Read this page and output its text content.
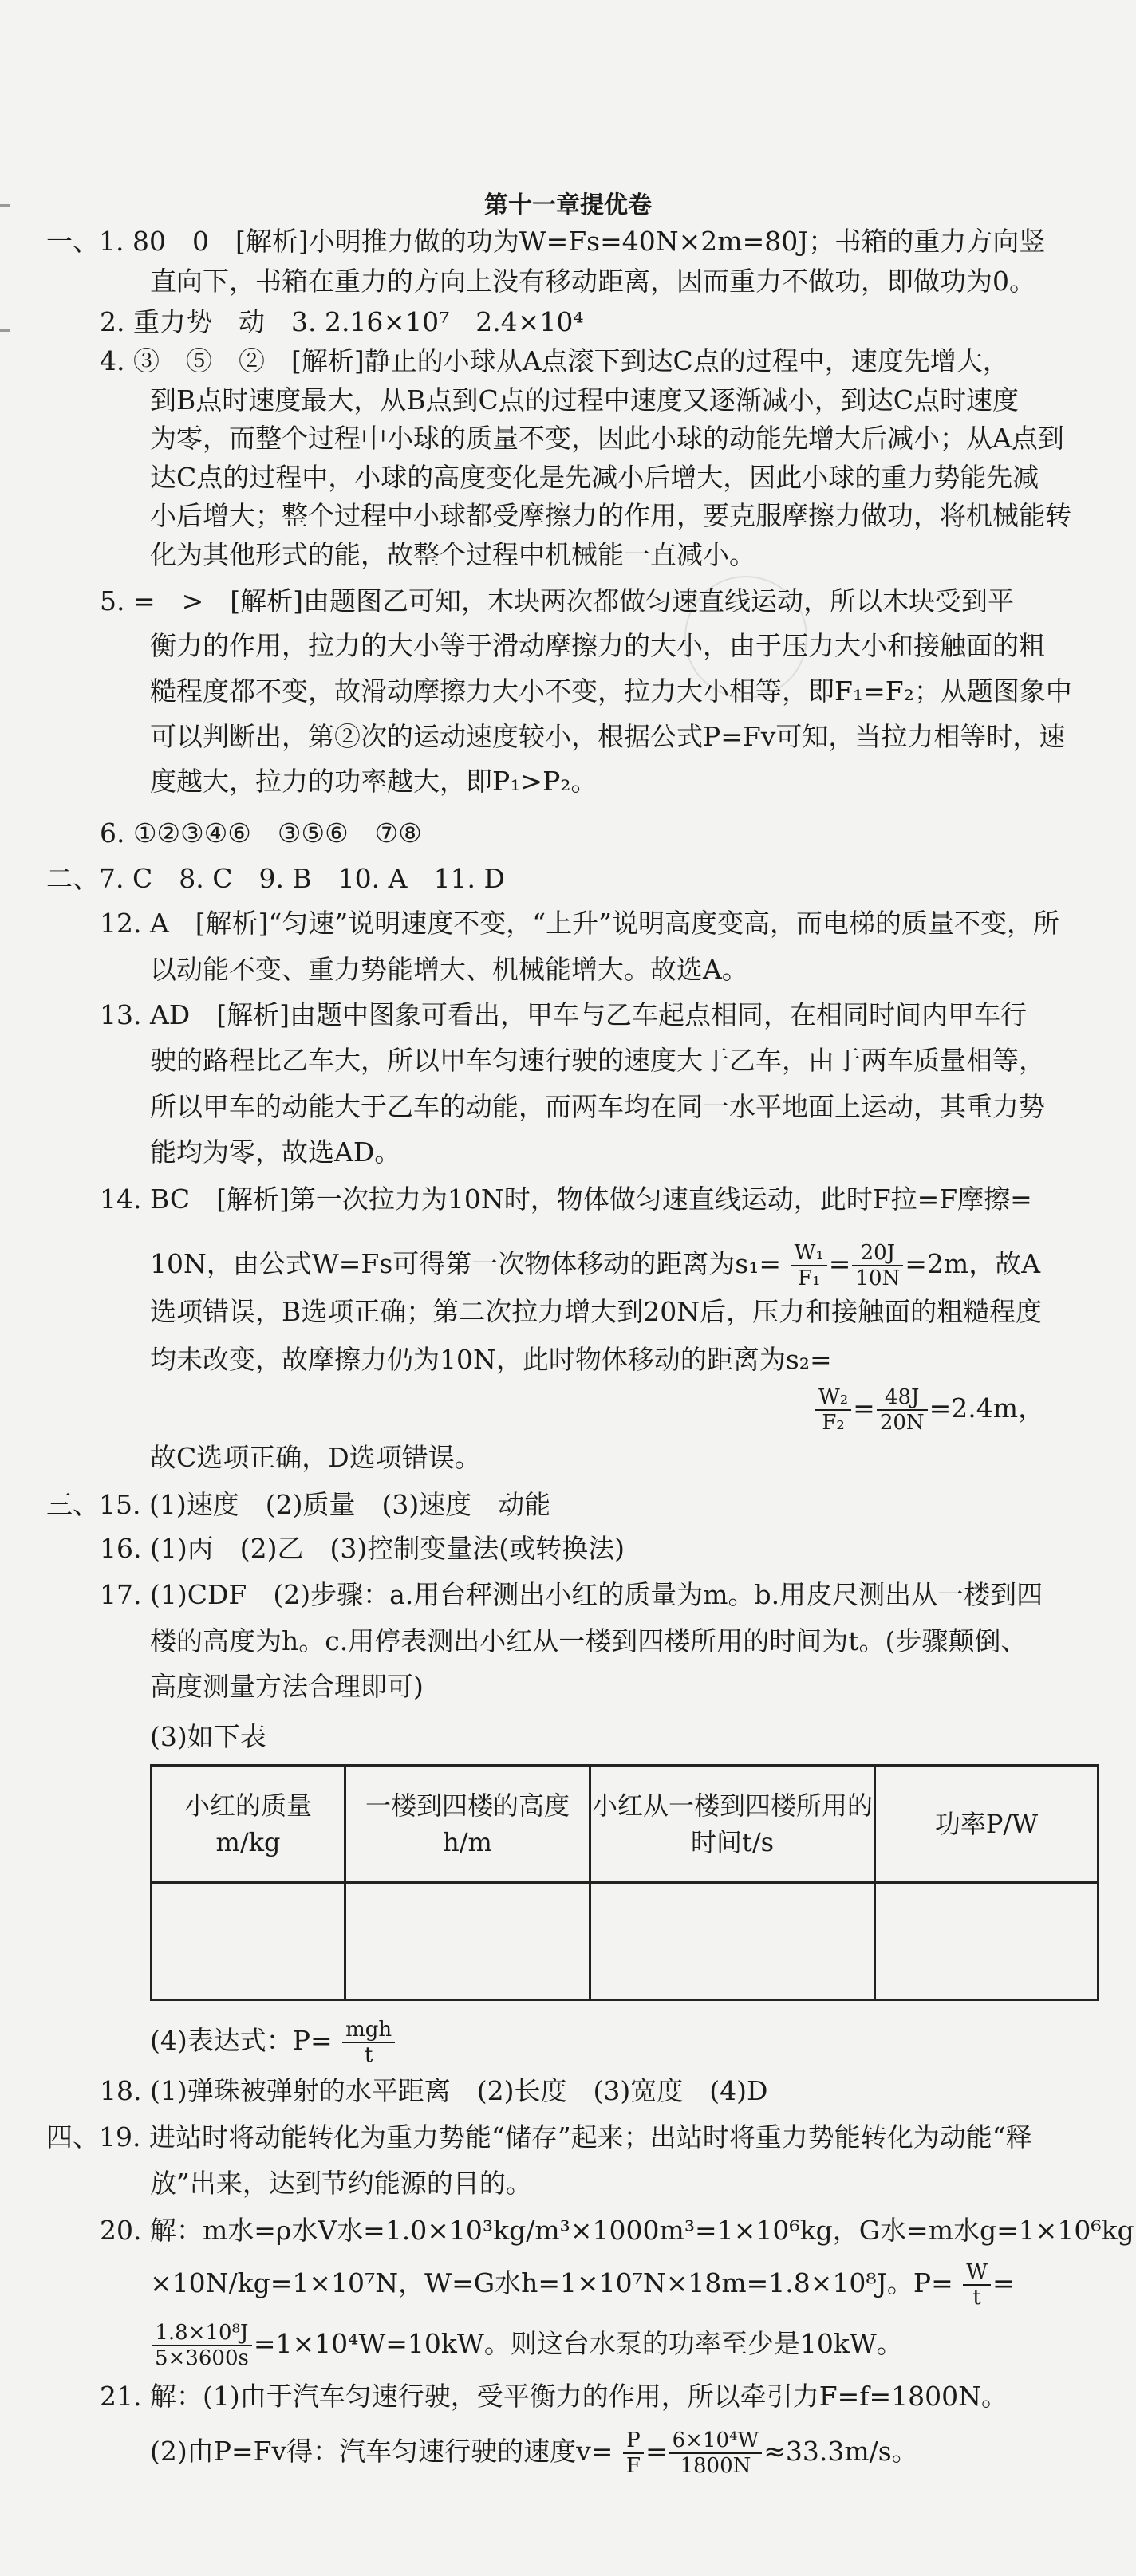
第十一章提优卷
一、1. 80　0　[解析]小明推力做的功为W=Fs=40N×2m=80J；书箱的重力方向竖
直向下，书箱在重力的方向上没有移动距离，因而重力不做功，即做功为0。
2. 重力势　动　3. 2.16×10⁷　2.4×10⁴
4. ③　⑤　②　[解析]静止的小球从A点滚下到达C点的过程中，速度先增大，
到B点时速度最大，从B点到C点的过程中速度又逐渐减小，到达C点时速度
为零，而整个过程中小球的质量不变，因此小球的动能先增大后减小；从A点到
达C点的过程中，小球的高度变化是先减小后增大，因此小球的重力势能先减
小后增大；整个过程中小球都受摩擦力的作用，要克服摩擦力做功，将机械能转
化为其他形式的能，故整个过程中机械能一直减小。
5. =　>　[解析]由题图乙可知，木块两次都做匀速直线运动，所以木块受到平
衡力的作用，拉力的大小等于滑动摩擦力的大小，由于压力大小和接触面的粗
糙程度都不变，故滑动摩擦力大小不变，拉力大小相等，即F₁=F₂；从题图象中
可以判断出，第②次的运动速度较小，根据公式P=Fv可知，当拉力相等时，速
度越大，拉力的功率越大，即P₁>P₂。
6. ①②③④⑥　③⑤⑥　⑦⑧
二、7. C　8. C　9. B　10. A　11. D
12. A　[解析]“匀速”说明速度不变，“上升”说明高度变高，而电梯的质量不变，所
以动能不变、重力势能增大、机械能增大。故选A。
13. AD　[解析]由题中图象可看出，甲车与乙车起点相同，在相同时间内甲车行
驶的路程比乙车大，所以甲车匀速行驶的速度大于乙车，由于两车质量相等，
所以甲车的动能大于乙车的动能，而两车均在同一水平地面上运动，其重力势
能均为零，故选AD。
14. BC　[解析]第一次拉力为10N时，物体做匀速直线运动，此时F拉=F摩擦=
10N，由公式W=Fs可得第一次物体移动的距离为$s_1= \frac{\text{W₁}}{\text{F₁}} = \frac{20J}{10N} =2m$，故A
选项错误，B选项正确；第二次拉力增大到20N后，压力和接触面的粗糙程度
均未改变，故摩擦力仍为10N，此时物体移动的距离为s₂=
$\frac{\text{W₂}}{\text{F₂}} = \frac{48J}{20N} =2.4m$，
故C选项正确，D选项错误。
三、15. (1)速度　(2)质量　(3)速度　动能
16. (1)丙　(2)乙　(3)控制变量法(或转换法)
17. (1)CDF　(2)步骤：a.用台秤测出小红的质量为m。b.用皮尺测出从一楼到四
楼的高度为h。c.用停表测出小红从一楼到四楼所用的时间为t。(步骤颠倒、
高度测量方法合理即可)
(3)如下表
小红的质量m/kg	一楼到四楼的高度h/m	小红从一楼到四楼所用的时间t/s	功率P/W

(4)表达式：$P= \frac{\text{mgh}}{t}$
18. (1)弹珠被弹射的水平距离　(2)长度　(3)宽度　(4)D
四、19. 进站时将动能转化为重力势能“储存”起来；出站时将重力势能转化为动能“释
放”出来，达到节约能源的目的。
20. 解：m水=ρ水V水=1.0×10³kg/m³×1000m³=1×10⁶kg，G水=m水g=1×10⁶kg
×10N/kg=1×10⁷N，W=G水h=1×10⁷N×18m=1.8×10⁸J。$P= \frac{W}{t}$ =
$\frac{\text{1.8×10⁸J}}{5\times 3600s} =1\times 10^4W=10kW$。则这台水泵的功率至少是10kW。
21. 解：(1)由于汽车匀速行驶，受平衡力的作用，所以牵引力F=f=1800N。
(2)由P=Fv得：汽车匀速行驶的速度$v= \frac{P}{F} = \frac{\text{6×10⁴W}}{1800N} \approx 33.3m/s$。
